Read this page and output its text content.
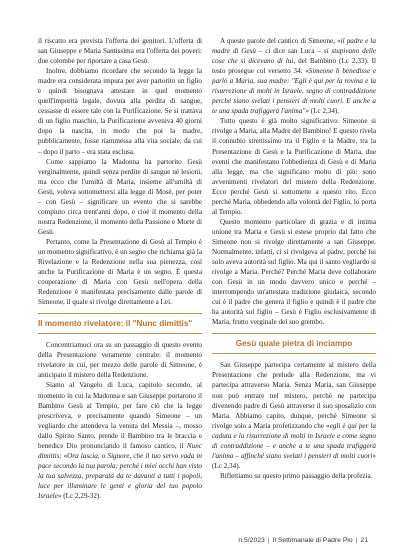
il riscatto era prevista l'offerta dei genitori. L'offerta di san Giuseppe e Maria Santissima era l'offerta dei poveri: due colombe per riportare a casa Gesù.

Inoltre, dobbiamo ricordare che secondo la legge la madre era considerata impura per aver partorito un figlio e quindi bisognava attestare in quel momento quell'impurità legale, dovuta alla perdita di sangue, cessasse di essere tale con la Purificazione. Se si trattava di un figlio maschio, la Purificazione avveniva 40 giorni dopo la nascita, in modo che poi la madre, pubblicamente, fosse riammessa alla vita sociale, da cui – dopo il parto – era stata esclusa.

Come sappiamo la Madonna ha partorito Gesù verginalmente, quindi senza perdite di sangue né lesioni, ma ecco che l'umiltà di Maria, insieme all'umiltà di Gesù, voleva sottomettersi alla legge di Mosè, per poter – con Gesù – significare un evento che si sarebbe compiuto circa trent'anni dopo, e cioè il momento della nostra Redenzione, il momento della Passione e Morte di Gesù.

Pertanto, come la Presentazione di Gesù al Tempio è un momento significativo, è un segno che richiama già la Rivelazione e la Redenzione nella sua pienezza, così anche la Purificazione di Maria è un segno. È questa cooperazione di Maria con Gesù nell'opera della Redenzione è manifestata precisamente dalle parole di Simeone, il quale si rivolge direttamente a Lei.

Il momento rivelatore: il "Nunc dimittis"

Concentriamoci ora su un passaggio di questo evento della Presentazione veramente centrale: il momento rivelatore in cui, per mezzo delle parole di Simeone, è anticipato il mistero della Redenzione.

Siamo al Vangelo di Luca, capitolo secondo, al momento in cui la Madonna e san Giuseppe portarono il Bambino Gesù al Tempio, per fare ciò che la legge prescriveva, e precisamente quando Simeone – un vegliardo che attendeva la venuta del Messia –, mosso dallo Spirito Santo, prende il Bambino tra le braccia e benedice Dio pronunciando il famoso cantico, il Nunc dimittis: «Ora lascia, o Signore, che il tuo servo vada in pace secondo la tua parola; perché i miei occhi han visto la tua salvezza, preparata da te davanti a tutti i popoli, luce per illuminare le genti e gloria del tuo popolo Israele» (Lc 2,29-32).

A queste parole del cantico di Simeone, «il padre e la madre di Gesù – ci dice san Luca – si stupivano delle cose che si dicevano di lui, del Bambino (Lc 2,33). Il testo prosegue col versetto 34: «Simeone li benedisse e parlò a Maria, sua madre: "Egli è qui per la rovina e la risurrezione di molti in Israele, segno di contraddizione perché siano svelati i pensieri di molti cuori. E anche a te una spada trafiggerà l'anima"» (Lc 2,34).

Tutto questo è già molto significativo: Simeone si rivolge a Maria, alla Madre del Bambino! E questo rivela il connubio strettissimo tra il Figlio e la Madre, tra la Presentazione di Gesù e la Purificazione di Maria, due eventi che manifestano l'obbedienza di Gesù e di Maria alla legge, ma che significano molto di più: sono avvenimenti rivelatori del mistero della Redenzione. Ecco perché Gesù si sottomette a questo rito. Ecco perché Maria, obbedendo alla volontà del Figlio, lo porta al Tempio.

Questo momento particolare di grazia e di intima unione tra Maria e Gesù si estese proprio dal fatto che Simeone non si rivolge direttamente a san Giuseppe. Normalmente, infatti, ci si rivolgeva al padre, perché lui solo aveva autorità sul figlio. Ma qui il santo vegliardo si rivolge a Maria. Perché? Perché Maria deve collaborare con Gesù in un modo davvero unico e perché – interrompendo un'attestata tradizione giudaica, secondo cui è il padre che genera il figlio e quindi è il padre che ha autorità sul figlio – Gesù è Figlio esclusivamente di Maria, frutto verginale del suo grembo.

Gesù quale pietra di inciampo

San Giuseppe partecipa certamente al mistero della Presentazione che prelude alla Redenzione, ma vi partecipa attraverso Maria. Senza Maria, san Giuseppe non può entrare nel mistero, perché ne partecipa divenendo padre di Gesù attraverso il suo sposalizio con Maria. Abbiamo capito, dunque, perché Simeone si rivolge solo a Maria profetizzando che «egli è qui per la caduta e la risurrezione di molti in Israele e come segno di contraddizione – e anche a te una spada trafiggerà l'anima – affinché siano svelati i pensieri di molti cuori» (Lc 2,34).

Riflettiamo su questo primo passaggio della profezia.

n.5/2023 | Il Settimanale di Padre Pio | 21
